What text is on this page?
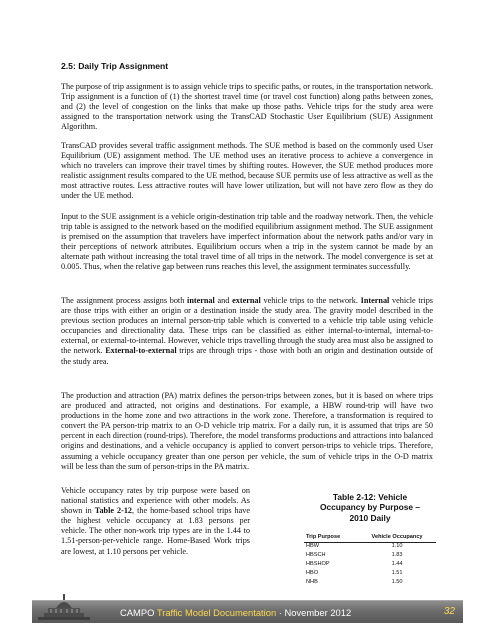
2.5: Daily Trip Assignment

The purpose of trip assignment is to assign vehicle trips to specific paths, or routes, in the transportation network. Trip assignment is a function of (1) the shortest travel time (or travel cost function) along paths between zones, and (2) the level of congestion on the links that make up those paths. Vehicle trips for the study area were assigned to the transportation network using the TransCAD Stochastic User Equilibrium (SUE) Assignment Algorithm.

TransCAD provides several traffic assignment methods. The SUE method is based on the commonly used User Equilibrium (UE) assignment method. The UE method uses an iterative process to achieve a convergence in which no travelers can improve their travel times by shifting routes. However, the SUE method produces more realistic assignment results compared to the UE method, because SUE permits use of less attractive as well as the most attractive routes. Less attractive routes will have lower utilization, but will not have zero flow as they do under the UE method.

Input to the SUE assignment is a vehicle origin-destination trip table and the roadway network. Then, the vehicle trip table is assigned to the network based on the modified equilibrium assignment method. The SUE assignment is premised on the assumption that travelers have imperfect information about the network paths and/or vary in their perceptions of network attributes. Equilibrium occurs when a trip in the system cannot be made by an alternate path without increasing the total travel time of all trips in the network. The model convergence is set at 0.005. Thus, when the relative gap between runs reaches this level, the assignment terminates successfully.

The assignment process assigns both internal and external vehicle trips to the network. Internal vehicle trips are those trips with either an origin or a destination inside the study area. The gravity model described in the previous section produces an internal person-trip table which is converted to a vehicle trip table using vehicle occupancies and directionality data. These trips can be classified as either internal-to-internal, internal-to-external, or external-to-internal. However, vehicle trips travelling through the study area must also be assigned to the network. External-to-external trips are through trips - those with both an origin and destination outside of the study area.

The production and attraction (PA) matrix defines the person-trips between zones, but it is based on where trips are produced and attracted, not origins and destinations. For example, a HBW round-trip will have two productions in the home zone and two attractions in the work zone. Therefore, a transformation is required to convert the PA person-trip matrix to an O-D vehicle trip matrix. For a daily run, it is assumed that trips are 50 percent in each direction (round-trips). Therefore, the model transforms productions and attractions into balanced origins and destinations, and a vehicle occupancy is applied to convert person-trips to vehicle trips. Therefore, assuming a vehicle occupancy greater than one person per vehicle, the sum of vehicle trips in the O-D matrix will be less than the sum of person-trips in the PA matrix.

Vehicle occupancy rates by trip purpose were based on national statistics and experience with other models. As shown in Table 2-12, the home-based school trips have the highest vehicle occupancy at 1.83 persons per vehicle. The other non-work trip types are in the 1.44 to 1.51-person-per-vehicle range. Home-Based Work trips are lowest, at 1.10 persons per vehicle.

Table 2-12: Vehicle
Occupancy by Purpose –
2010 Daily
Trip Purpose	Vehicle Occupancy
HBW	1.10
HBSCH	1.83
HBSHOP	1.44
HBO	1.51
NHB	1.50
CAMPO Traffic Model Documentation · November 2012	32
